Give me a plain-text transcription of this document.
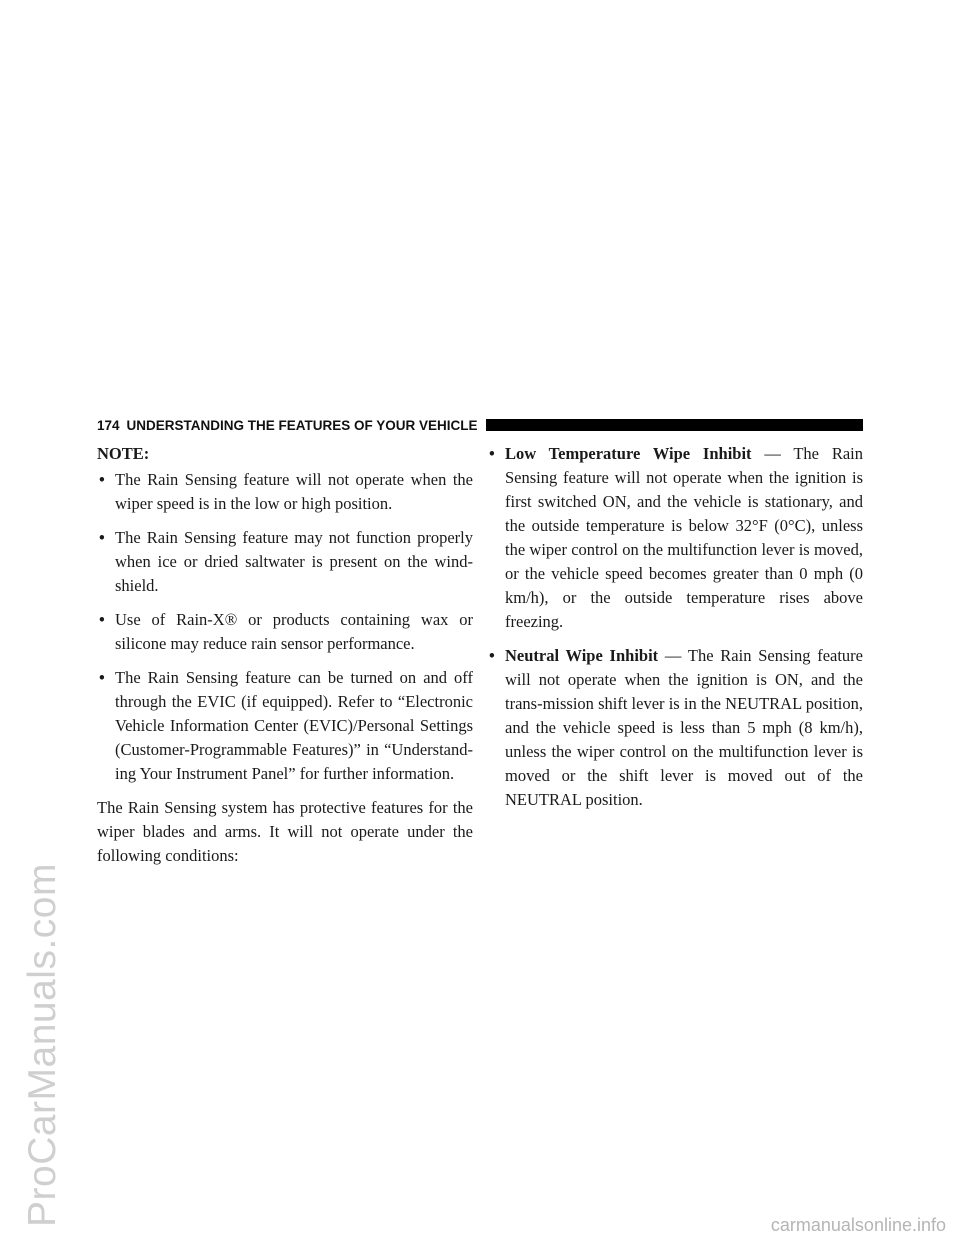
ProCarManuals.com
174 UNDERSTANDING THE FEATURES OF YOUR VEHICLE

NOTE:

• The Rain Sensing feature will not operate when the wiper speed is in the low or high position.

• The Rain Sensing feature may not function properly when ice or dried saltwater is present on the wind-shield.

• Use of Rain-X® or products containing wax or silicone may reduce rain sensor performance.

• The Rain Sensing feature can be turned on and off through the EVIC (if equipped). Refer to “Electronic Vehicle Information Center (EVIC)/Personal Settings (Customer-Programmable Features)” in “Understand-ing Your Instrument Panel” for further information.

The Rain Sensing system has protective features for the wiper blades and arms. It will not operate under the following conditions:

• Low Temperature Wipe Inhibit — The Rain Sensing feature will not operate when the ignition is first switched ON, and the vehicle is stationary, and the outside temperature is below 32°F (0°C), unless the wiper control on the multifunction lever is moved, or the vehicle speed becomes greater than 0 mph (0 km/h), or the outside temperature rises above freezing.

• Neutral Wipe Inhibit — The Rain Sensing feature will not operate when the ignition is ON, and the trans-mission shift lever is in the NEUTRAL position, and the vehicle speed is less than 5 mph (8 km/h), unless the wiper control on the multifunction lever is moved or the shift lever is moved out of the NEUTRAL position.

carmanualsonline.info
